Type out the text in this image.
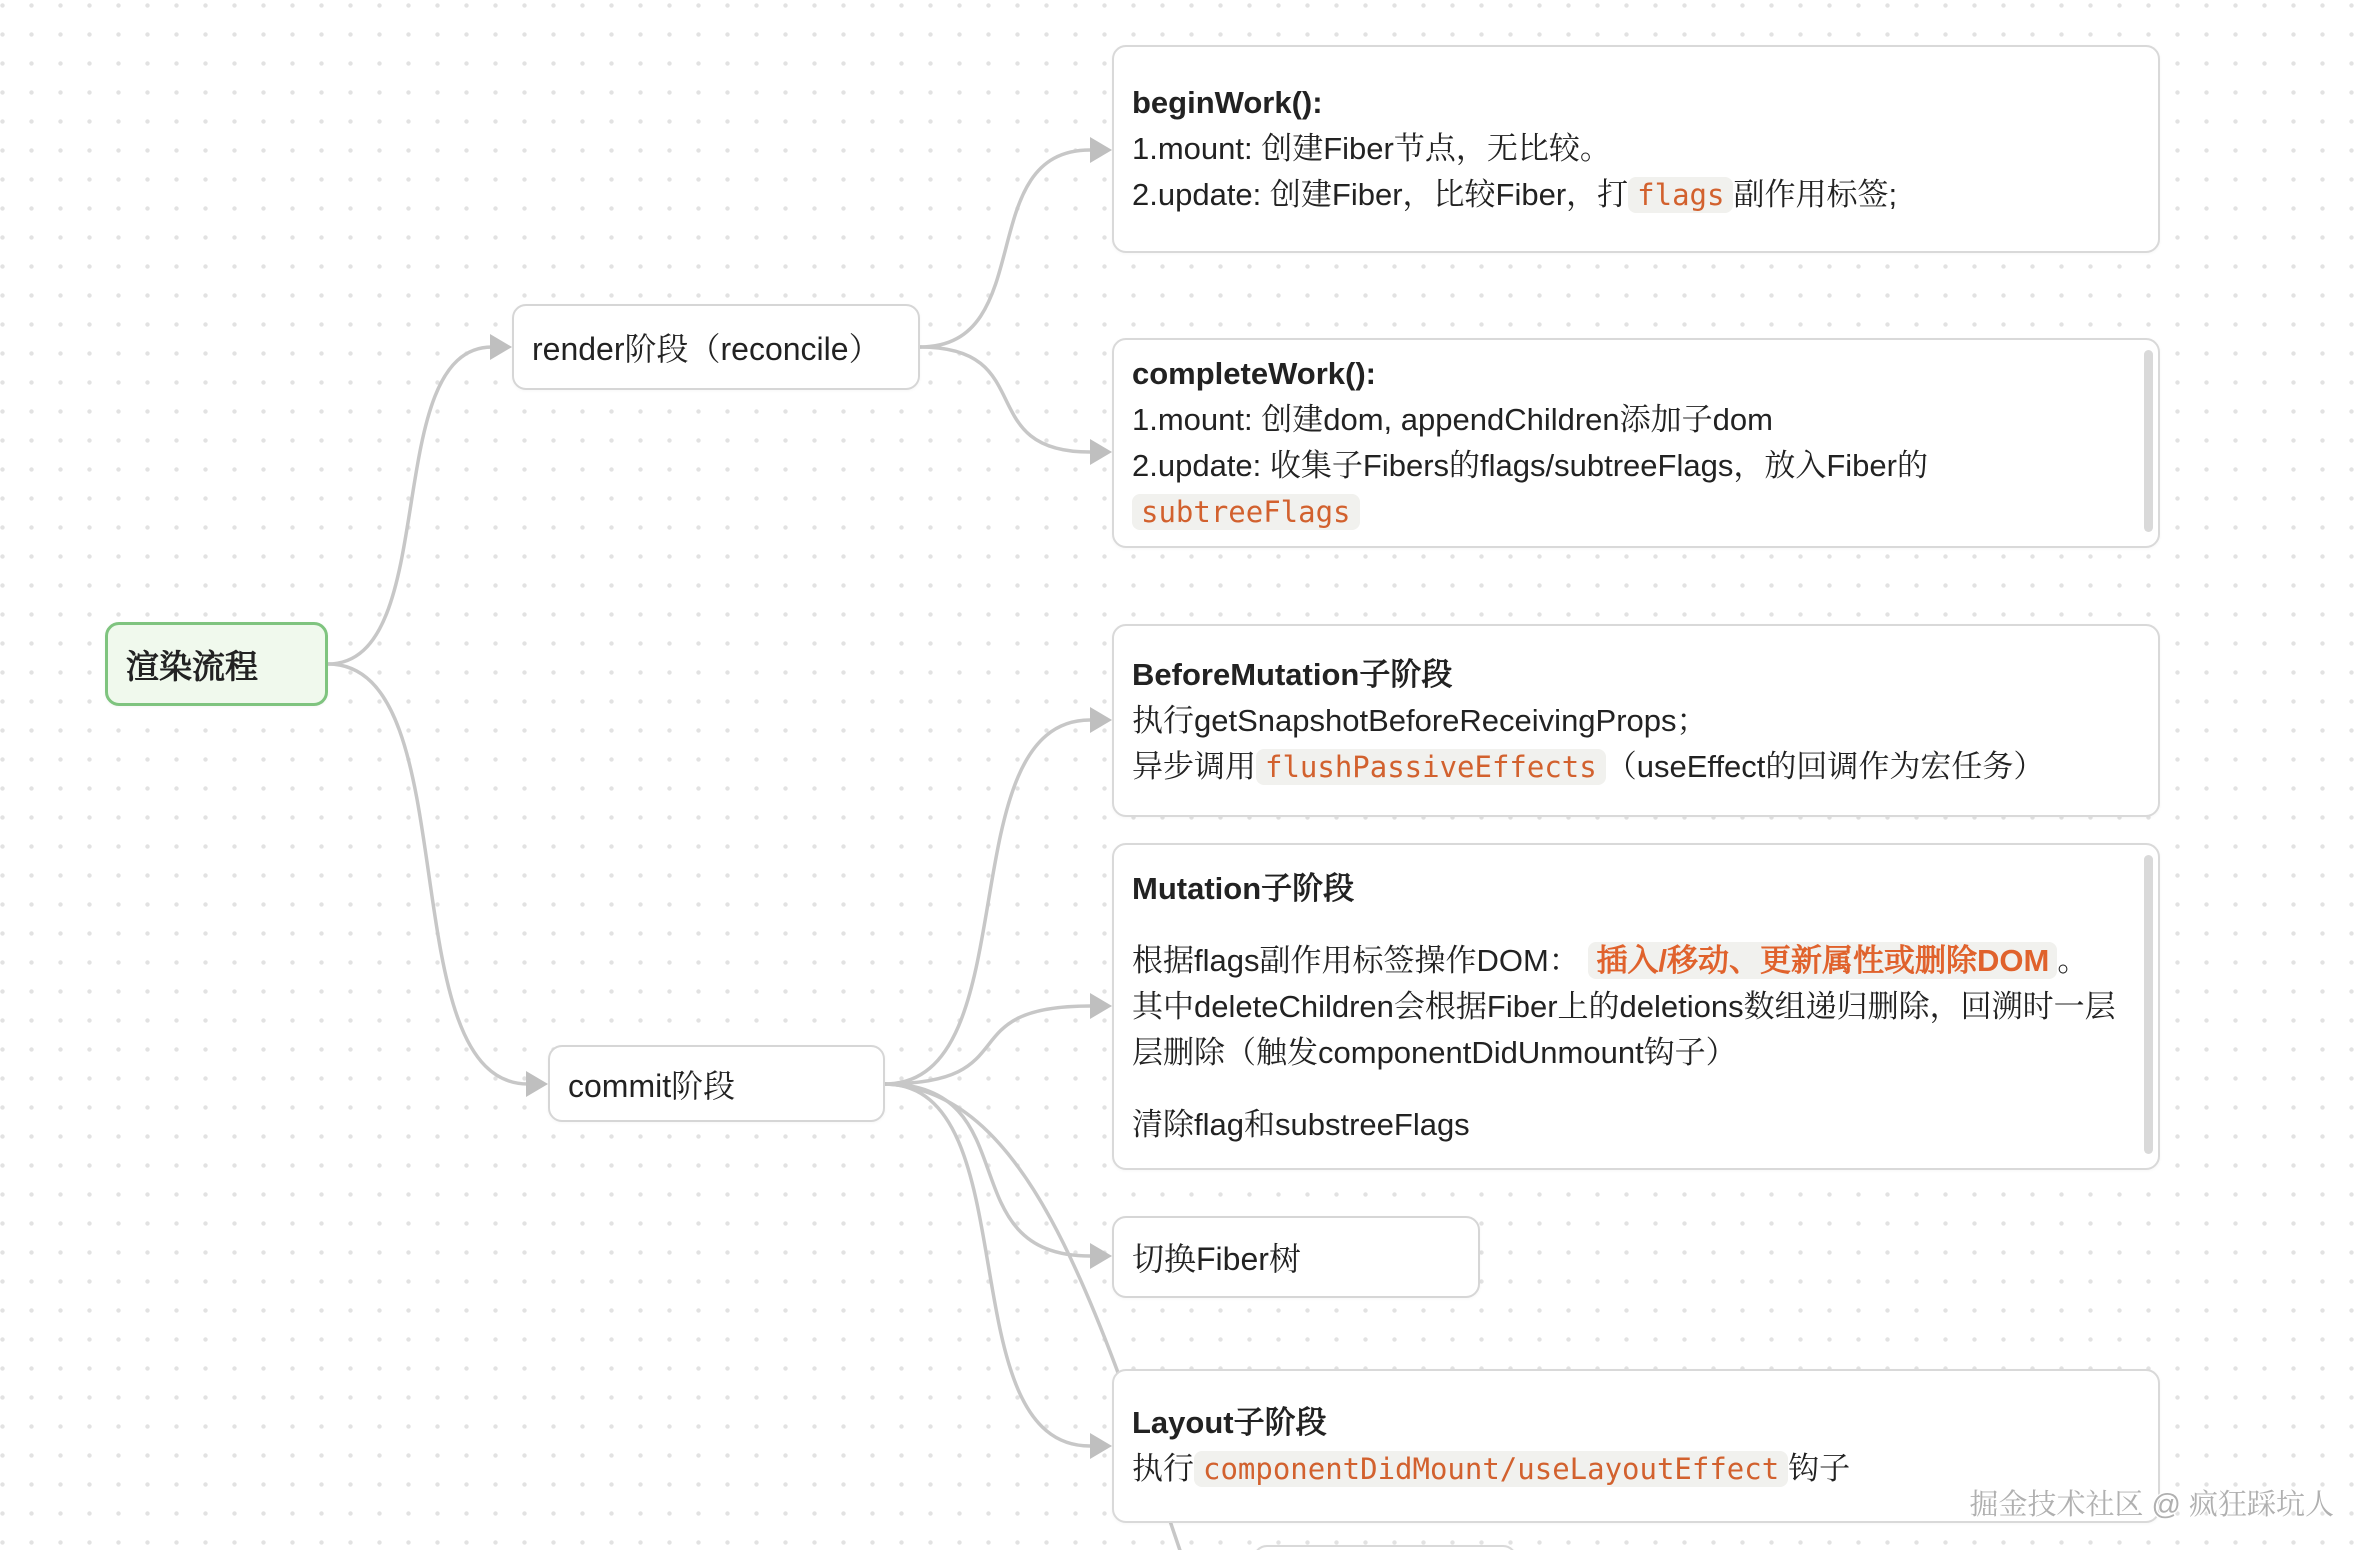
渲染流程
render阶段（reconcile）
commit阶段
beginWork():
1.mount: 创建Fiber节点，无比较。
2.update: 创建Fiber，比较Fiber，打 flags 副作用标签;
completeWork():
1.mount: 创建dom, appendChildren添加子dom
2.update: 收集子Fibers的flags/subtreeFlags，放入Fiber的
subtreeFlags
BeforeMutation子阶段
执行getSnapshotBeforeReceivingProps；
异步调用 flushPassiveEffects （useEffect的回调作为宏任务）
Mutation子阶段
根据flags副作用标签操作DOM： 插入/移动、更新属性或删除DOM 。
其中deleteChildren会根据Fiber上的deletions数组递归删除，回溯时一层层删除（触发componentDidUnmount钩子）
清除flag和substreeFlags
切换Fiber树
Layout子阶段
执行 componentDidMount/useLayoutEffect 钩子
掘金技术社区 @ 疯狂踩坑人
